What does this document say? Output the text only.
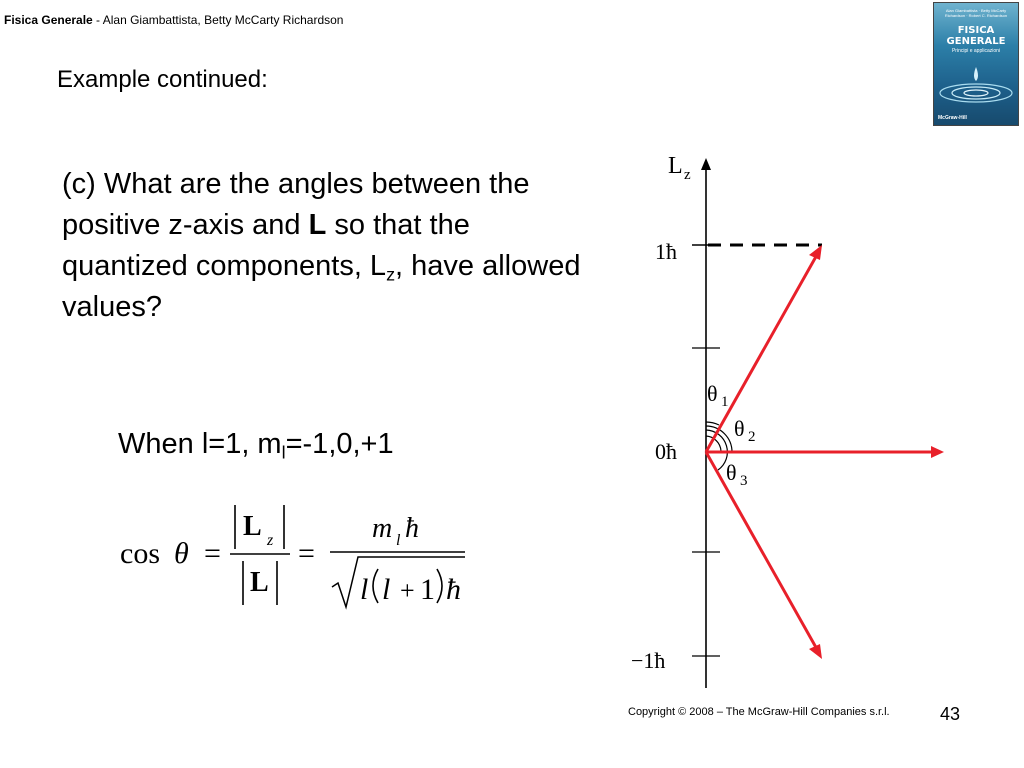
Fisica Generale - Alan Giambattista, Betty McCarty Richardson
Alan Giambattista · Betty McCarty Richardson · Robert C. Richardson
FISICA
GENERALE
Principi e applicazioni
McGraw-Hill
Example continued:
(c) What are the angles between the positive z-axis and L so that the quantized components, $L_z$, have allowed values?
When l=1, $m_l=-1,0,+1$
cos θ =
L z
L
=
m l ħ
l l + 1 ħ
L z
1ħ
0ħ
−1ħ
θ 1
θ 2
θ 3
Copyright © 2008 – The McGraw-Hill Companies s.r.l.	43
